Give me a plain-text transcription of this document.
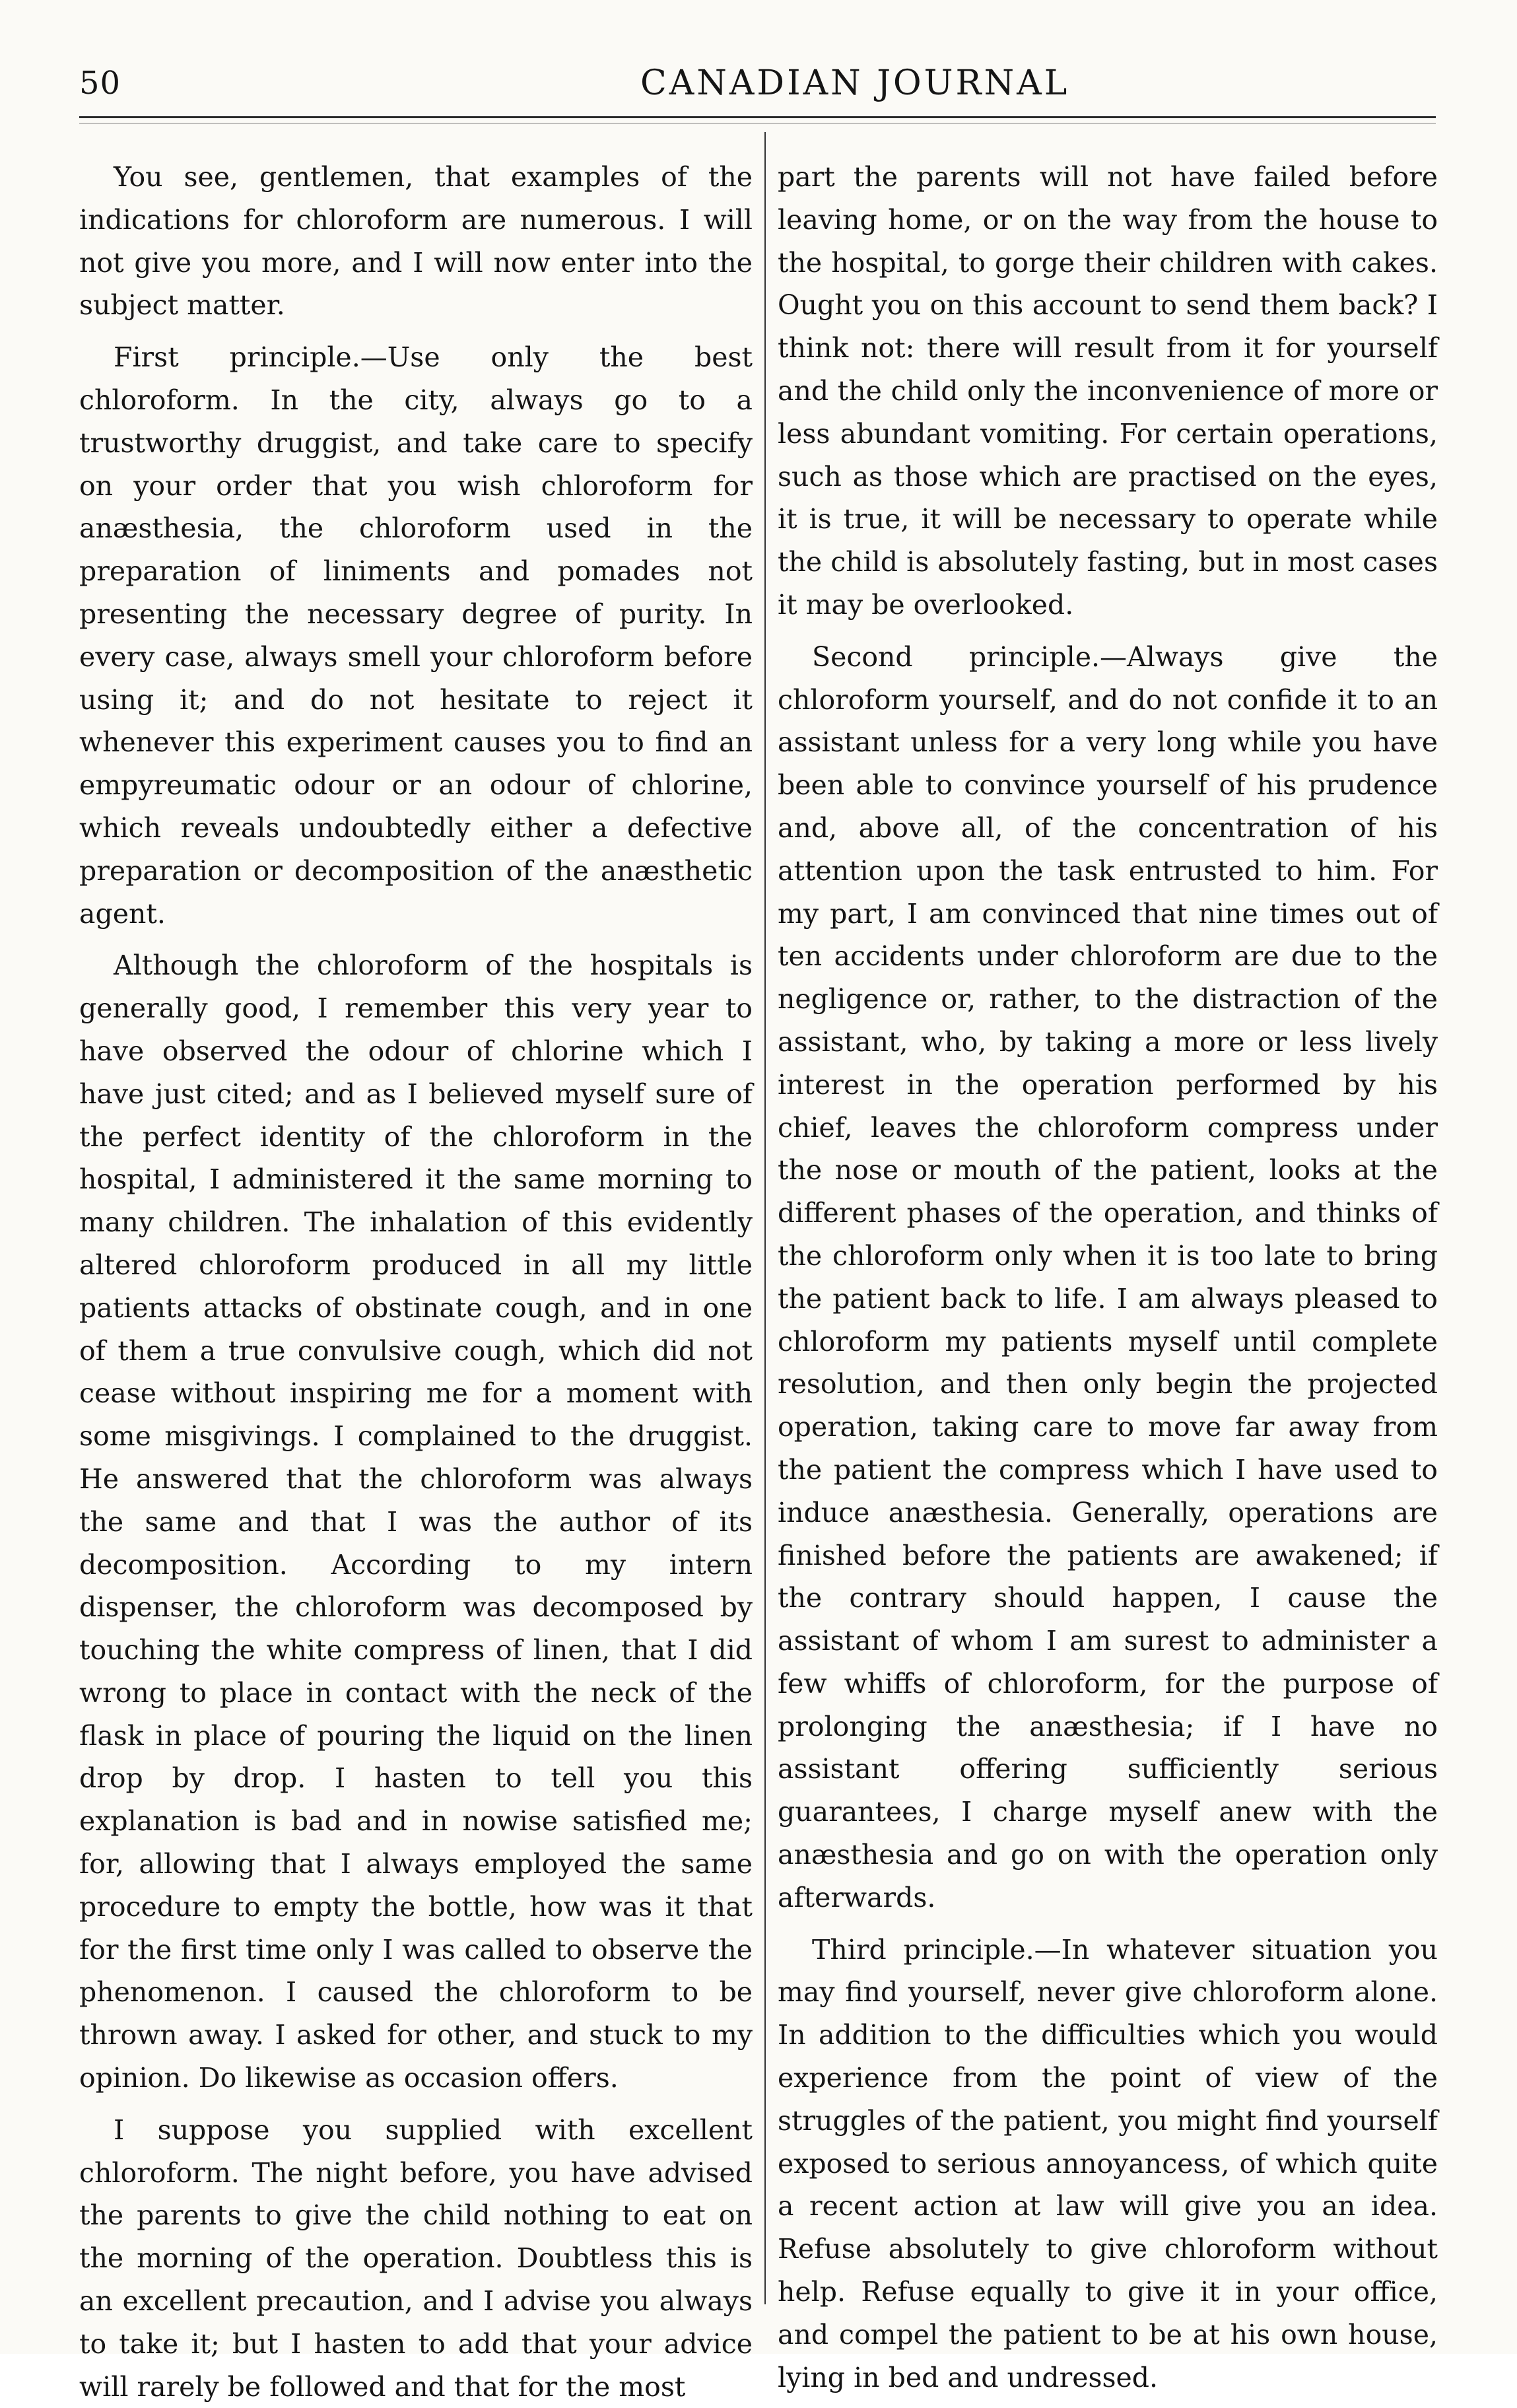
50	CANADIAN JOURNAL

You see, gentlemen, that examples of the indications for chloroform are numerous. I will not give you more, and I will now enter into the subject matter.

First principle.—Use only the best chloroform. In the city, always go to a trustworthy druggist, and take care to specify on your order that you wish chloroform for anæsthesia, the chloroform used in the preparation of liniments and pomades not presenting the necessary degree of purity. In every case, always smell your chloroform before using it; and do not hesitate to reject it whenever this experiment causes you to find an empyreumatic odour or an odour of chlorine, which reveals undoubtedly either a defective preparation or decomposition of the anæsthetic agent.

Although the chloroform of the hospitals is generally good, I remember this very year to have observed the odour of chlorine which I have just cited; and as I believed myself sure of the perfect identity of the chloroform in the hospital, I administered it the same morning to many children. The inhalation of this evidently altered chloroform produced in all my little patients attacks of obstinate cough, and in one of them a true convulsive cough, which did not cease without inspiring me for a moment with some misgivings. I complained to the druggist. He answered that the chloroform was always the same and that I was the author of its decomposition. According to my intern dispenser, the chloroform was decomposed by touching the white compress of linen, that I did wrong to place in contact with the neck of the flask in place of pouring the liquid on the linen drop by drop. I hasten to tell you this explanation is bad and in nowise satisfied me; for, allowing that I always employed the same procedure to empty the bottle, how was it that for the first time only I was called to observe the phenomenon. I caused the chloroform to be thrown away. I asked for other, and stuck to my opinion. Do likewise as occasion offers.

I suppose you supplied with excellent chloroform. The night before, you have advised the parents to give the child nothing to eat on the morning of the operation. Doubtless this is an excellent precaution, and I advise you always to take it; but I hasten to add that your advice will rarely be followed and that for the most

part the parents will not have failed before leaving home, or on the way from the house to the hospital, to gorge their children with cakes. Ought you on this account to send them back? I think not: there will result from it for yourself and the child only the inconvenience of more or less abundant vomiting. For certain operations, such as those which are practised on the eyes, it is true, it will be necessary to operate while the child is absolutely fasting, but in most cases it may be overlooked.

Second principle.—Always give the chloroform yourself, and do not confide it to an assistant unless for a very long while you have been able to convince yourself of his prudence and, above all, of the concentration of his attention upon the task entrusted to him. For my part, I am convinced that nine times out of ten accidents under chloroform are due to the negligence or, rather, to the distraction of the assistant, who, by taking a more or less lively interest in the operation performed by his chief, leaves the chloroform compress under the nose or mouth of the patient, looks at the different phases of the operation, and thinks of the chloroform only when it is too late to bring the patient back to life. I am always pleased to chloroform my patients myself until complete resolution, and then only begin the projected operation, taking care to move far away from the patient the compress which I have used to induce anæsthesia. Generally, operations are finished before the patients are awakened; if the contrary should happen, I cause the assistant of whom I am surest to administer a few whiffs of chloroform, for the purpose of prolonging the anæsthesia; if I have no assistant offering sufficiently serious guarantees, I charge myself anew with the anæsthesia and go on with the operation only afterwards.

Third principle.—In whatever situation you may find yourself, never give chloroform alone. In addition to the difficulties which you would experience from the point of view of the struggles of the patient, you might find yourself exposed to serious annoyancess, of which quite a recent action at law will give you an idea. Refuse absolutely to give chloroform without help. Refuse equally to give it in your office, and compel the patient to be at his own house, lying in bed and undressed.
